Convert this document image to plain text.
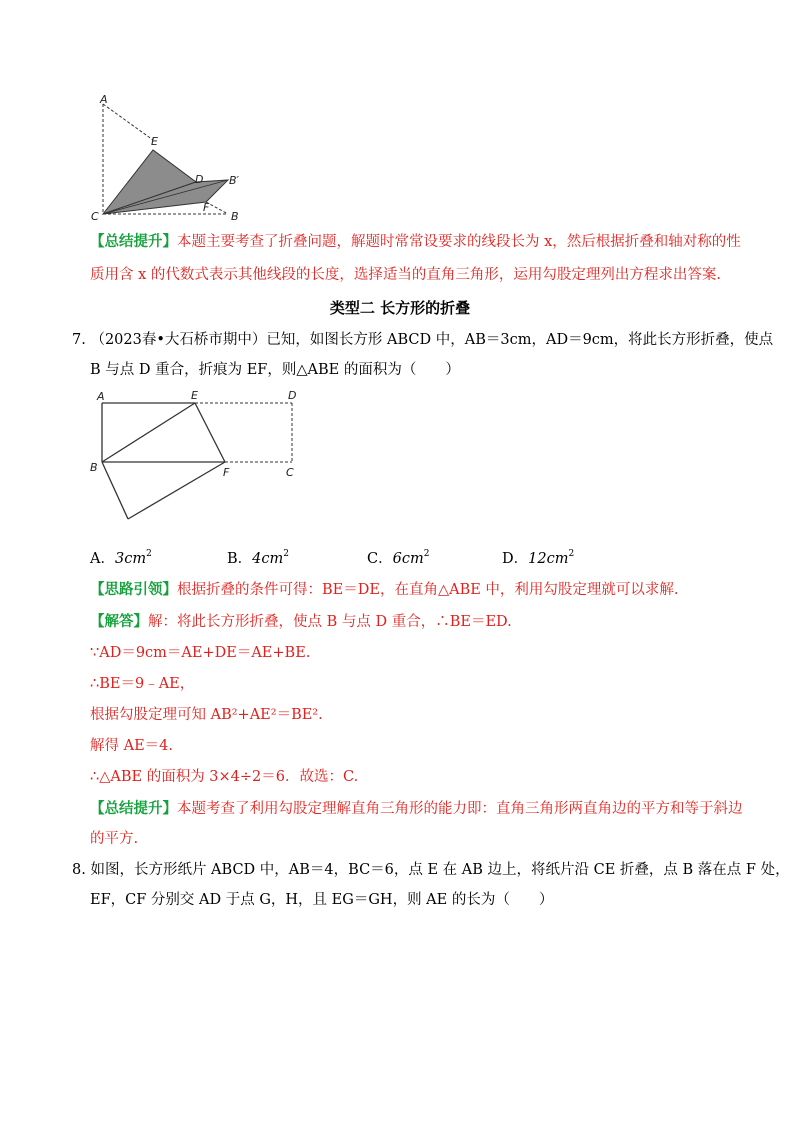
A
E
D B′
F
C	B
【总结提升】本题主要考查了折叠问题，解题时常常设要求的线段长为 x，然后根据折叠和轴对称的性
质用含 x 的代数式表示其他线段的长度，选择适当的直角三角形，运用勾股定理列出方程求出答案.
类型二 长方形的折叠
7. （2023春•大石桥市期中）已知，如图长方形 ABCD 中，AB＝3cm，AD＝9cm，将此长方形折叠，使点
B 与点 D 重合，折痕为 EF，则△ABE 的面积为（　　）
A	E	D
B	F	C
A．$3cm^2$	B．$4cm^2$	C．$6cm^2$	D．$12cm^2$
【思路引领】根据折叠的条件可得：BE＝DE，在直角△ABE 中，利用勾股定理就可以求解.
【解答】解：将此长方形折叠，使点 B 与点 D 重合，∴BE＝ED.
∵AD＝9cm＝AE+DE＝AE+BE.
∴BE＝9﹣AE，
根据勾股定理可知 AB²+AE²＝BE².
解得 AE＝4.
∴△ABE 的面积为 3×4÷2＝6．故选：C.
【总结提升】本题考查了利用勾股定理解直角三角形的能力即：直角三角形两直角边的平方和等于斜边
的平方.
8. 如图，长方形纸片 ABCD 中，AB＝4，BC＝6，点 E 在 AB 边上，将纸片沿 CE 折叠，点 B 落在点 F 处，
EF，CF 分别交 AD 于点 G，H，且 EG＝GH，则 AE 的长为（　　）
